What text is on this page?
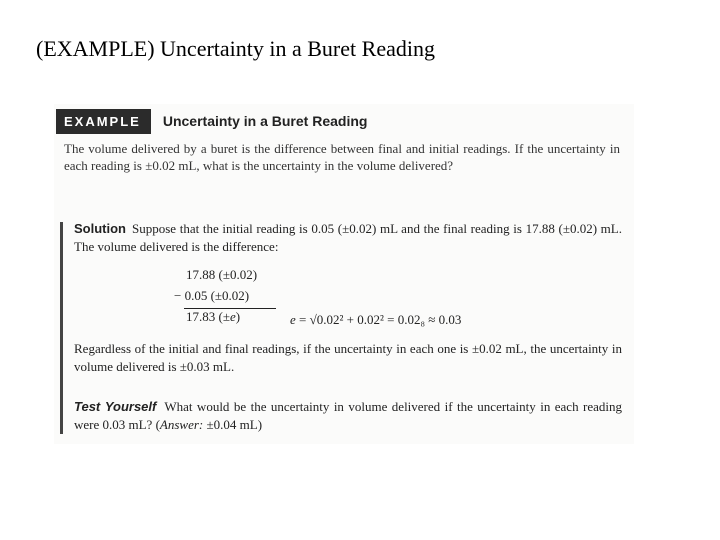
(EXAMPLE) Uncertainty in a Buret Reading
EXAMPLE	Uncertainty in a Buret Reading
The volume delivered by a buret is the difference between final and initial readings. If the uncertainty in each reading is ±0.02 mL, what is the uncertainty in the volume delivered?
Solution Suppose that the initial reading is 0.05 (±0.02) mL and the final reading is 17.88 (±0.02) mL. The volume delivered is the difference:
17.88 (±0.02)
− 0.05 (±0.02)
17.83 (±e)	e = √0.02² + 0.02² = 0.02₈ ≈ 0.03
Regardless of the initial and final readings, if the uncertainty in each one is ±0.02 mL, the uncertainty in volume delivered is ±0.03 mL.
Test Yourself What would be the uncertainty in volume delivered if the uncertainty in each reading were 0.03 mL? (Answer: ±0.04 mL)
